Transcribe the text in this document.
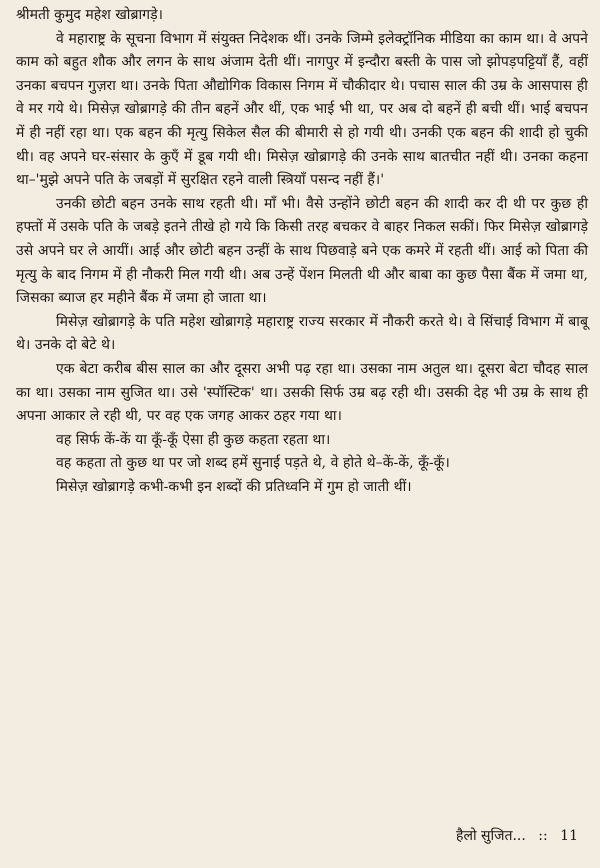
श्रीमती कुमुद महेश खोब्रागड़े।

वे महाराष्ट्र के सूचना विभाग में संयुक्त निदेशक थीं। उनके जिम्मे इलेक्ट्रॉनिक मीडिया का काम था। वे अपने काम को बहुत शौक और लगन के साथ अंजाम देती थीं। नागपुर में इन्दौरा बस्ती के पास जो झोपड़पट्टियाँ हैं, वहीं उनका बचपन गुज़रा था। उनके पिता औद्योगिक विकास निगम में चौकीदार थे। पचास साल की उम्र के आसपास ही वे मर गये थे। मिसेज़ खोब्रागड़े की तीन बहनें और थीं, एक भाई भी था, पर अब दो बहनें ही बची थीं। भाई बचपन में ही नहीं रहा था। एक बहन की मृत्यु सिकेल सैल की बीमारी से हो गयी थी। उनकी एक बहन की शादी हो चुकी थी। वह अपने घर-संसार के कुएँ में डूब गयी थी। मिसेज़ खोब्रागड़े की उनके साथ बातचीत नहीं थी। उनका कहना था–'मुझे अपने पति के जबड़ों में सुरक्षित रहने वाली स्त्रियाँ पसन्द नहीं हैं।'

उनकी छोटी बहन उनके साथ रहती थी। माँ भी। वैसे उन्होंने छोटी बहन की शादी कर दी थी पर कुछ ही हफ्तों में उसके पति के जबड़े इतने तीखे हो गये कि किसी तरह बचकर वे बाहर निकल सकीं। फिर मिसेज़ खोब्रागड़े उसे अपने घर ले आयीं। आई और छोटी बहन उन्हीं के साथ पिछवाड़े बने एक कमरे में रहती थीं। आई को पिता की मृत्यु के बाद निगम में ही नौकरी मिल गयी थी। अब उन्हें पेंशन मिलती थी और बाबा का कुछ पैसा बैंक में जमा था, जिसका ब्याज हर महीने बैंक में जमा हो जाता था।

मिसेज़ खोब्रागड़े के पति महेश खोब्रागड़े महाराष्ट्र राज्य सरकार में नौकरी करते थे। वे सिंचाई विभाग में बाबू थे। उनके दो बेटे थे।

एक बेटा करीब बीस साल का और दूसरा अभी पढ़ रहा था। उसका नाम अतुल था। दूसरा बेटा चौदह साल का था। उसका नाम सुजित था। उसे 'स्पॉस्टिक' था। उसकी सिर्फ उम्र बढ़ रही थी। उसकी देह भी उम्र के साथ ही अपना आकार ले रही थी, पर वह एक जगह आकर ठहर गया था।

वह सिर्फ कें-कें या कूँ-कूँ ऐसा ही कुछ कहता रहता था।

वह कहता तो कुछ था पर जो शब्द हमें सुनाई पड़ते थे, वे होते थे–कें-कें, कूँ-कूँ।

मिसेज़ खोब्रागड़े कभी-कभी इन शब्दों की प्रतिध्वनि में गुम हो जाती थीं।

हैलो सुजित... :: 11
